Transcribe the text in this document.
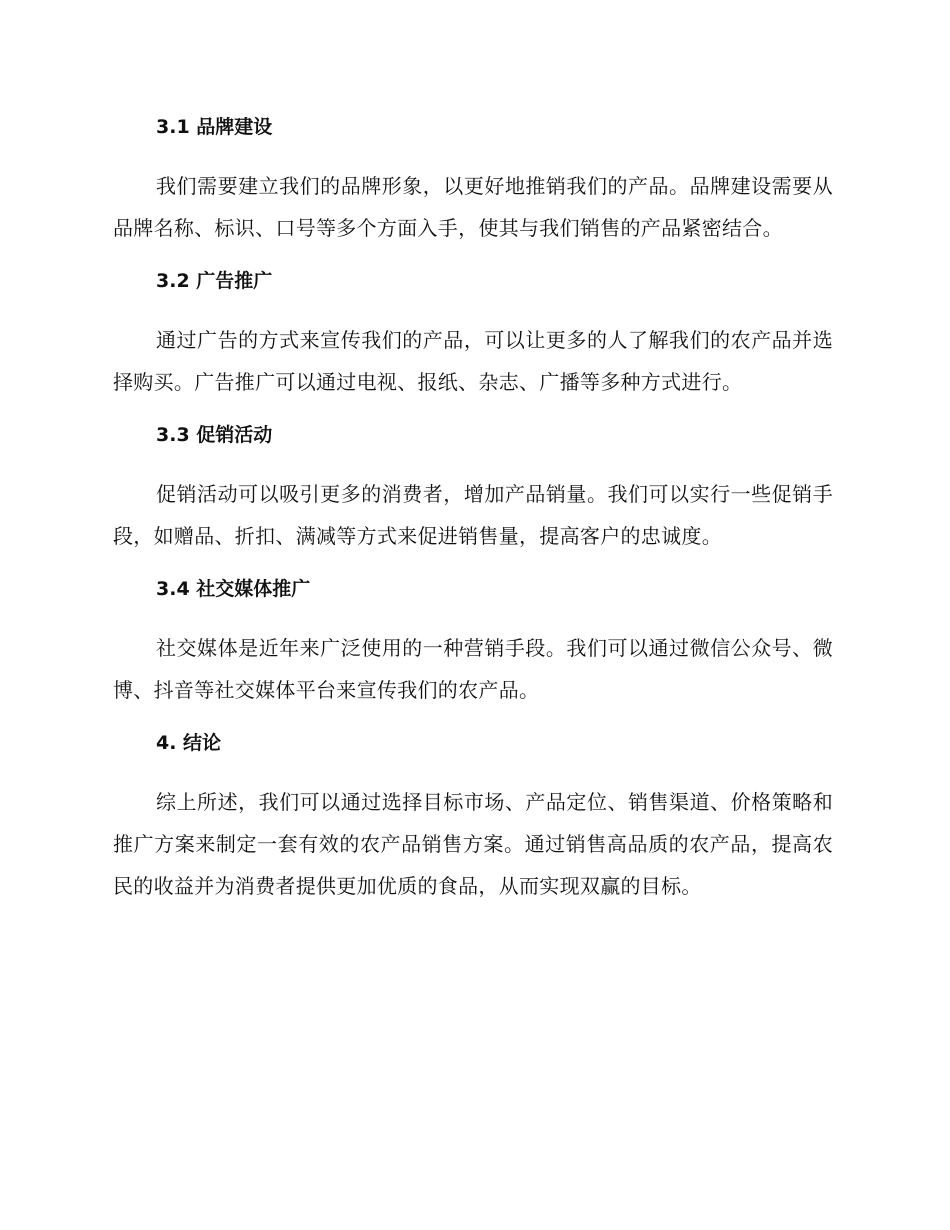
3.1 品牌建设

我们需要建立我们的品牌形象，以更好地推销我们的产品。品牌建设需要从品牌名称、标识、口号等多个方面入手，使其与我们销售的产品紧密结合。

3.2 广告推广

通过广告的方式来宣传我们的产品，可以让更多的人了解我们的农产品并选择购买。广告推广可以通过电视、报纸、杂志、广播等多种方式进行。

3.3 促销活动

促销活动可以吸引更多的消费者，增加产品销量。我们可以实行一些促销手段，如赠品、折扣、满减等方式来促进销售量，提高客户的忠诚度。

3.4 社交媒体推广

社交媒体是近年来广泛使用的一种营销手段。我们可以通过微信公众号、微博、抖音等社交媒体平台来宣传我们的农产品。

4. 结论

综上所述，我们可以通过选择目标市场、产品定位、销售渠道、价格策略和推广方案来制定一套有效的农产品销售方案。通过销售高品质的农产品，提高农民的收益并为消费者提供更加优质的食品，从而实现双赢的目标。
